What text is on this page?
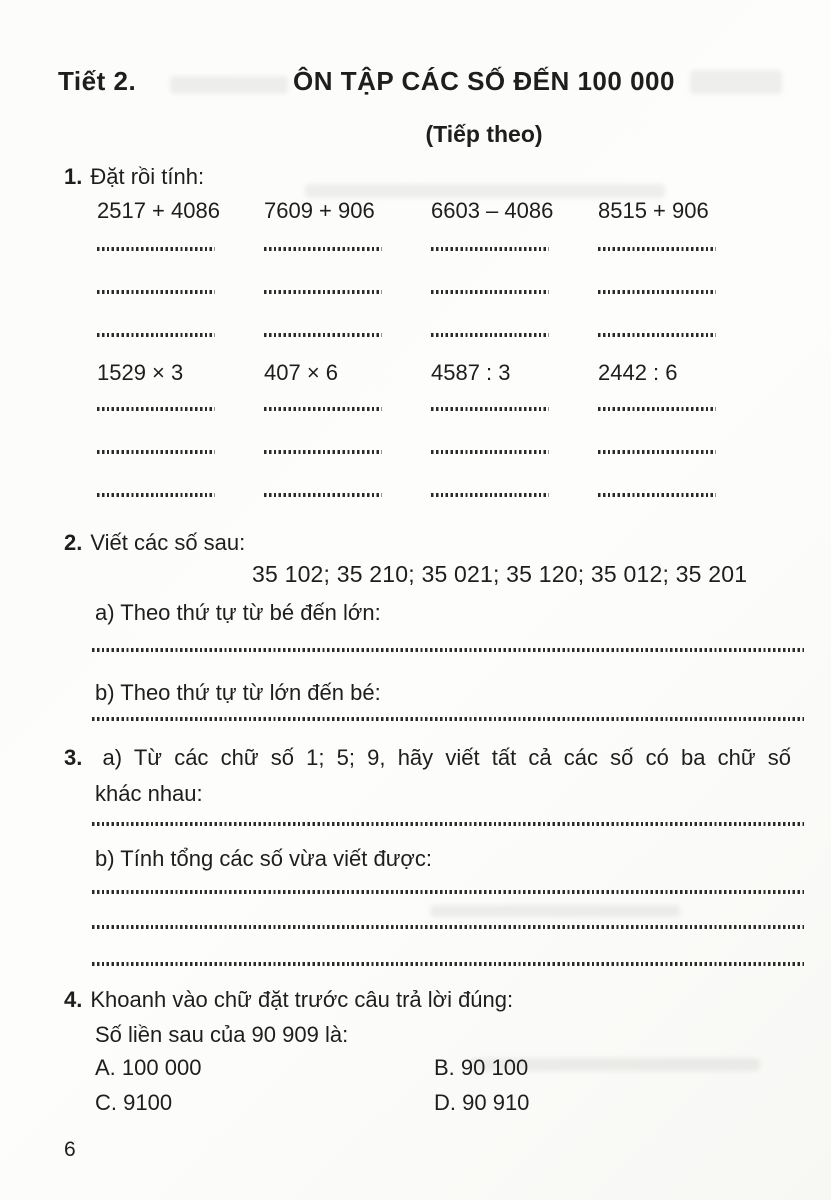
Tiết 2.	ÔN TẬP CÁC SỐ ĐẾN 100 000
(Tiếp theo)
1. Đặt rồi tính:
2517 + 4086	7609 + 906	6603 – 4086	8515 + 906
1529 × 3	407 × 6	4587 : 3	2442 : 6
2. Viết các số sau:
35 102; 35 210; 35 021; 35 120; 35 012; 35 201
a) Theo thứ tự từ bé đến lớn:
b) Theo thứ tự từ lớn đến bé:
3. a) Từ các chữ số 1; 5; 9, hãy viết tất cả các số có ba chữ số
khác nhau:
b) Tính tổng các số vừa viết được:
4. Khoanh vào chữ đặt trước câu trả lời đúng:
Số liền sau của 90 909 là:
A. 100 000	B. 90 100
C. 9100	D. 90 910
6
